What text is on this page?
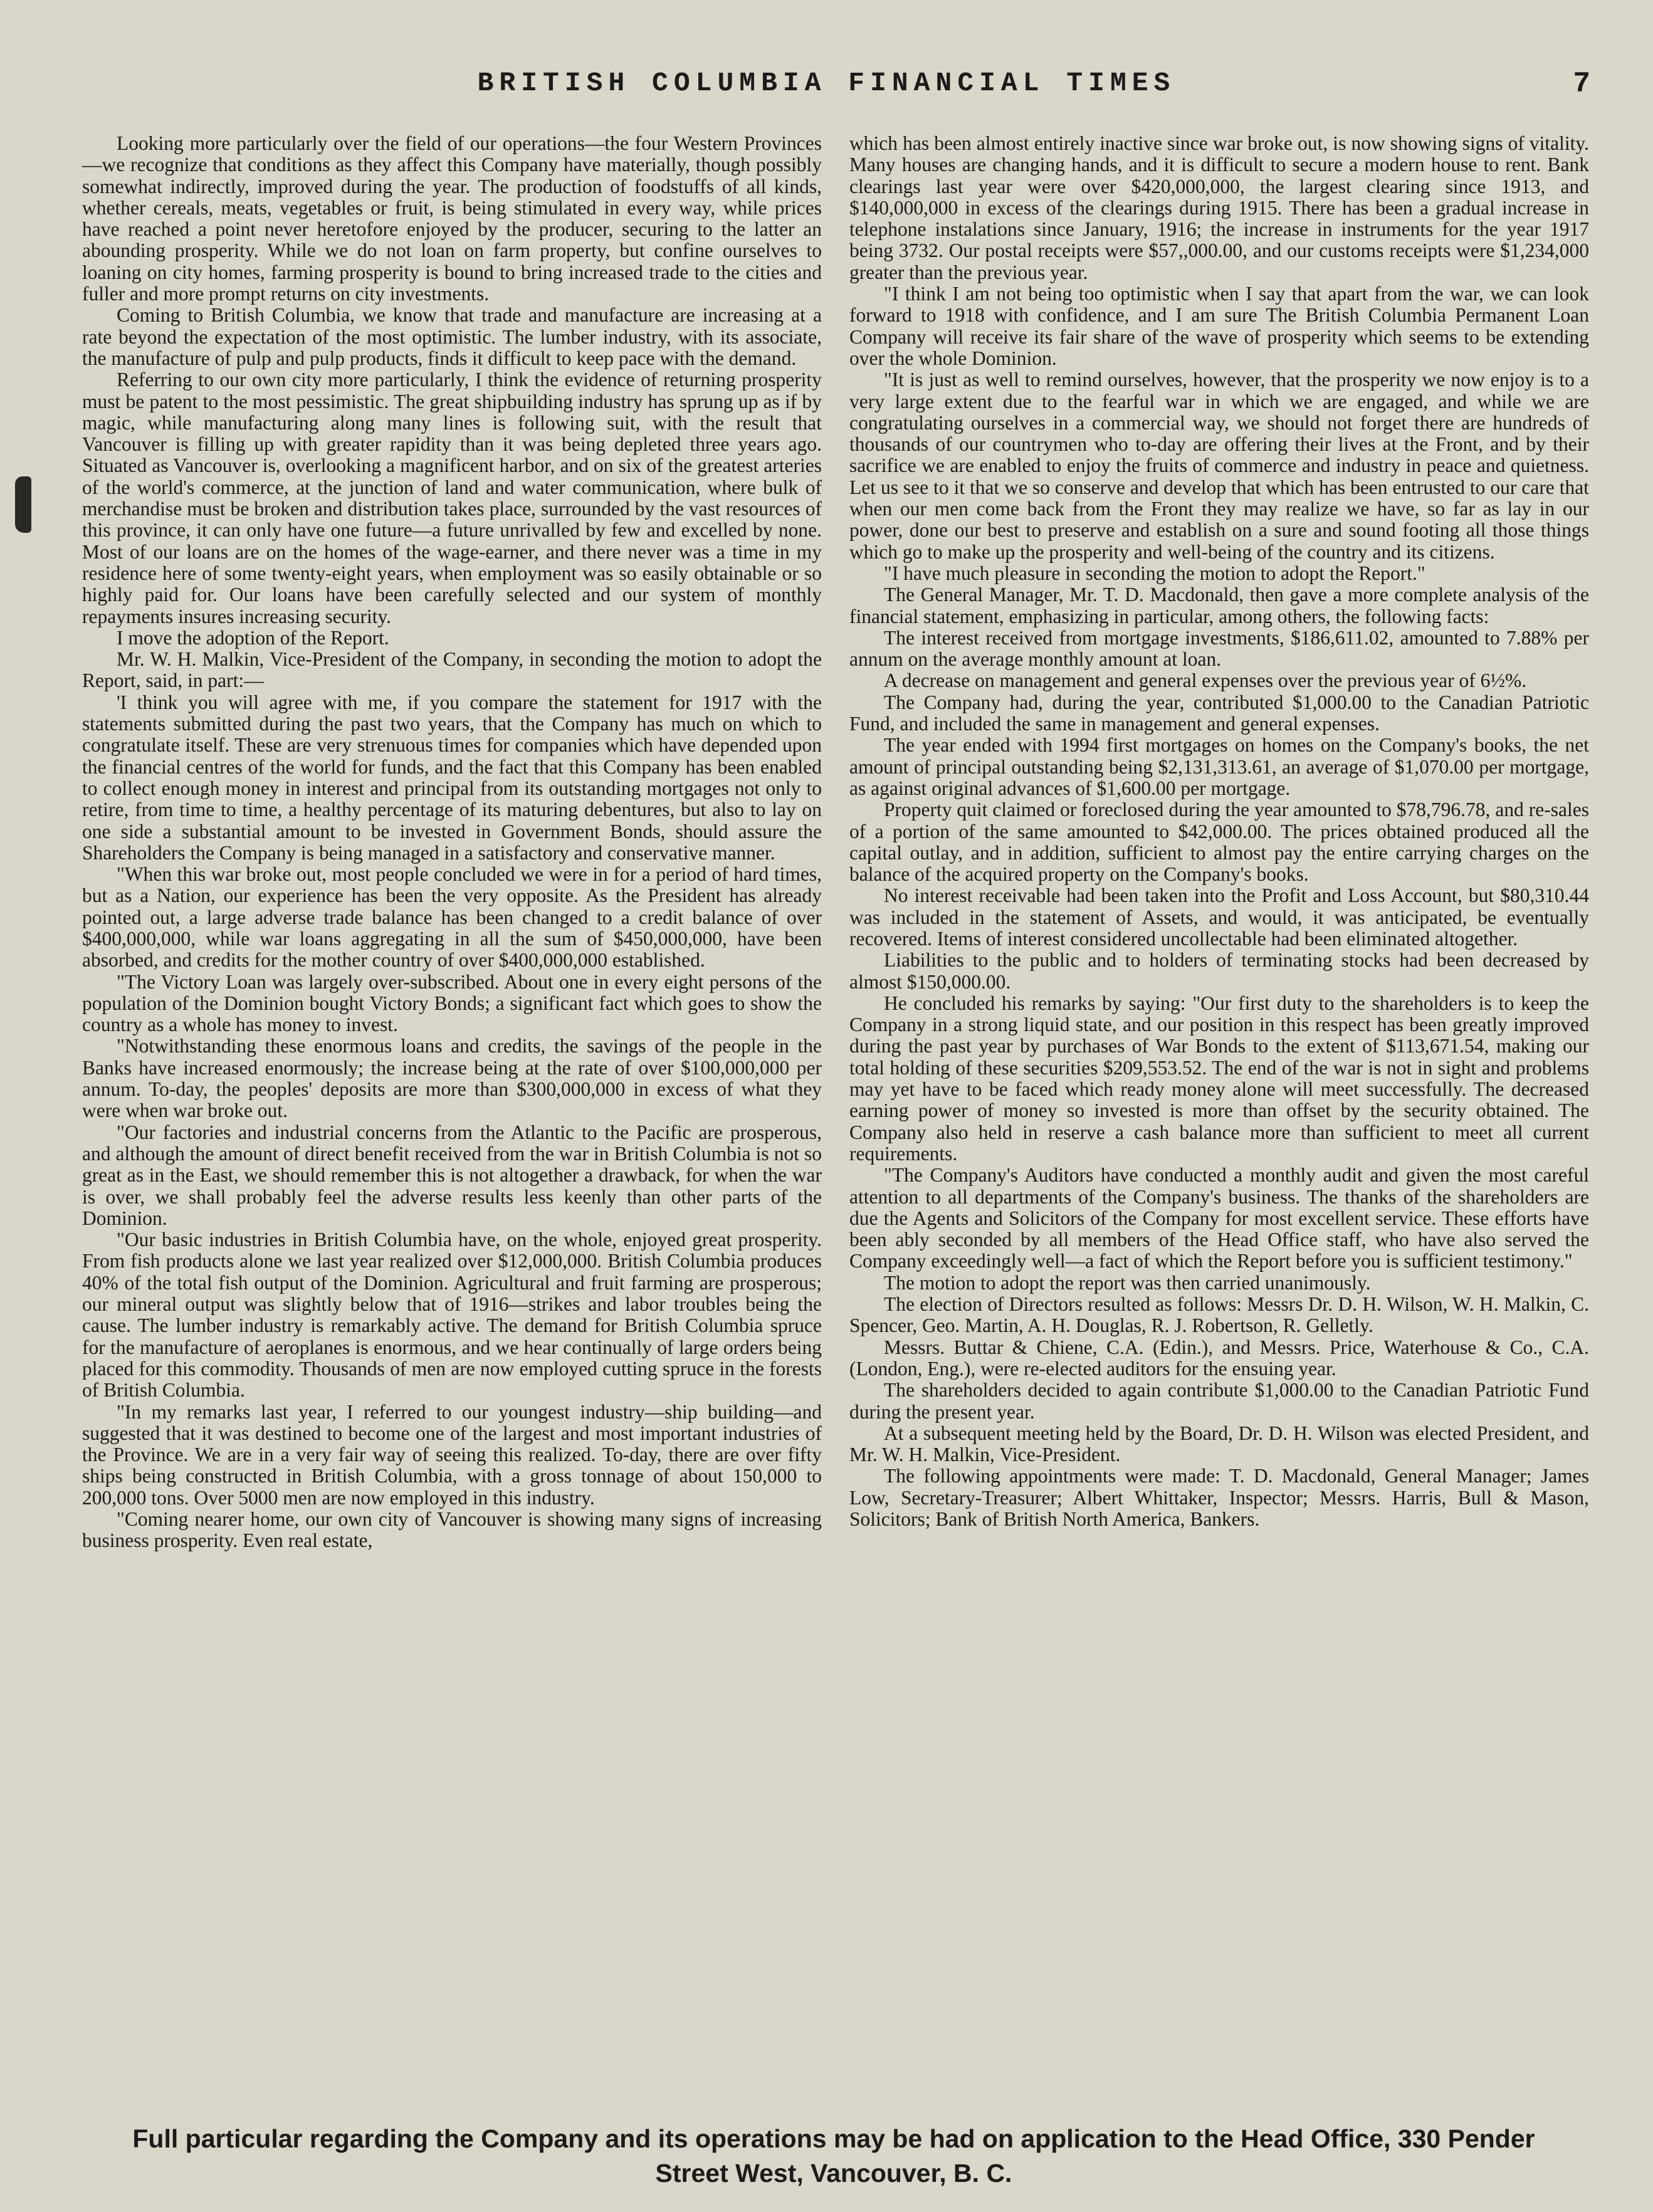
BRITISH COLUMBIA FINANCIAL TIMES	7

Looking more particularly over the field of our operations—the four Western Provinces—we recognize that conditions as they affect this Company have materially, though possibly somewhat indirectly, improved during the year. The production of foodstuffs of all kinds, whether cereals, meats, vegetables or fruit, is being stimulated in every way, while prices have reached a point never heretofore enjoyed by the producer, securing to the latter an abounding prosperity. While we do not loan on farm property, but confine ourselves to loaning on city homes, farming prosperity is bound to bring increased trade to the cities and fuller and more prompt returns on city investments.

Coming to British Columbia, we know that trade and manufacture are increasing at a rate beyond the expectation of the most optimistic. The lumber industry, with its associate, the manufacture of pulp and pulp products, finds it difficult to keep pace with the demand.

Referring to our own city more particularly, I think the evidence of returning prosperity must be patent to the most pessimistic. The great shipbuilding industry has sprung up as if by magic, while manufacturing along many lines is following suit, with the result that Vancouver is filling up with greater rapidity than it was being depleted three years ago. Situated as Vancouver is, overlooking a magnificent harbor, and on six of the greatest arteries of the world's commerce, at the junction of land and water communication, where bulk of merchandise must be broken and distribution takes place, surrounded by the vast resources of this province, it can only have one future—a future unrivalled by few and excelled by none. Most of our loans are on the homes of the wage-earner, and there never was a time in my residence here of some twenty-eight years, when employment was so easily obtainable or so highly paid for. Our loans have been carefully selected and our system of monthly repayments insures increasing security.

I move the adoption of the Report.

Mr. W. H. Malkin, Vice-President of the Company, in seconding the motion to adopt the Report, said, in part:—

'I think you will agree with me, if you compare the statement for 1917 with the statements submitted during the past two years, that the Company has much on which to congratulate itself. These are very strenuous times for companies which have depended upon the financial centres of the world for funds, and the fact that this Company has been enabled to collect enough money in interest and principal from its outstanding mortgages not only to retire, from time to time, a healthy percentage of its maturing debentures, but also to lay on one side a substantial amount to be invested in Government Bonds, should assure the Shareholders the Company is being managed in a satisfactory and conservative manner.

"When this war broke out, most people concluded we were in for a period of hard times, but as a Nation, our experience has been the very opposite. As the President has already pointed out, a large adverse trade balance has been changed to a credit balance of over $400,000,000, while war loans aggregating in all the sum of $450,000,000, have been absorbed, and credits for the mother country of over $400,000,000 established.

"The Victory Loan was largely over-subscribed. About one in every eight persons of the population of the Dominion bought Victory Bonds; a significant fact which goes to show the country as a whole has money to invest.

"Notwithstanding these enormous loans and credits, the savings of the people in the Banks have increased enormously; the increase being at the rate of over $100,000,000 per annum. To-day, the peoples' deposits are more than $300,000,000 in excess of what they were when war broke out.

"Our factories and industrial concerns from the Atlantic to the Pacific are prosperous, and although the amount of direct benefit received from the war in British Columbia is not so great as in the East, we should remember this is not altogether a drawback, for when the war is over, we shall probably feel the adverse results less keenly than other parts of the Dominion.

"Our basic industries in British Columbia have, on the whole, enjoyed great prosperity. From fish products alone we last year realized over $12,000,000. British Columbia produces 40% of the total fish output of the Dominion. Agricultural and fruit farming are prosperous; our mineral output was slightly below that of 1916—strikes and labor troubles being the cause. The lumber industry is remarkably active. The demand for British Columbia spruce for the manufacture of aeroplanes is enormous, and we hear continually of large orders being placed for this commodity. Thousands of men are now employed cutting spruce in the forests of British Columbia.

"In my remarks last year, I referred to our youngest industry—ship building—and suggested that it was destined to become one of the largest and most important industries of the Province. We are in a very fair way of seeing this realized. To-day, there are over fifty ships being constructed in British Columbia, with a gross tonnage of about 150,000 to 200,000 tons. Over 5000 men are now employed in this industry.

"Coming nearer home, our own city of Vancouver is showing many signs of increasing business prosperity. Even real estate,

which has been almost entirely inactive since war broke out, is now showing signs of vitality. Many houses are changing hands, and it is difficult to secure a modern house to rent. Bank clearings last year were over $420,000,000, the largest clearing since 1913, and $140,000,000 in excess of the clearings during 1915. There has been a gradual increase in telephone instalations since January, 1916; the increase in instruments for the year 1917 being 3732. Our postal receipts were $57,,000.00, and our customs receipts were $1,234,000 greater than the previous year.

"I think I am not being too optimistic when I say that apart from the war, we can look forward to 1918 with confidence, and I am sure The British Columbia Permanent Loan Company will receive its fair share of the wave of prosperity which seems to be extending over the whole Dominion.

"It is just as well to remind ourselves, however, that the prosperity we now enjoy is to a very large extent due to the fearful war in which we are engaged, and while we are congratulating ourselves in a commercial way, we should not forget there are hundreds of thousands of our countrymen who to-day are offering their lives at the Front, and by their sacrifice we are enabled to enjoy the fruits of commerce and industry in peace and quietness. Let us see to it that we so conserve and develop that which has been entrusted to our care that when our men come back from the Front they may realize we have, so far as lay in our power, done our best to preserve and establish on a sure and sound footing all those things which go to make up the prosperity and well-being of the country and its citizens.

"I have much pleasure in seconding the motion to adopt the Report."

The General Manager, Mr. T. D. Macdonald, then gave a more complete analysis of the financial statement, emphasizing in particular, among others, the following facts:

The interest received from mortgage investments, $186,611.02, amounted to 7.88% per annum on the average monthly amount at loan.

A decrease on management and general expenses over the previous year of 6½%.

The Company had, during the year, contributed $1,000.00 to the Canadian Patriotic Fund, and included the same in management and general expenses.

The year ended with 1994 first mortgages on homes on the Company's books, the net amount of principal outstanding being $2,131,313.61, an average of $1,070.00 per mortgage, as against original advances of $1,600.00 per mortgage.

Property quit claimed or foreclosed during the year amounted to $78,796.78, and re-sales of a portion of the same amounted to $42,000.00. The prices obtained produced all the capital outlay, and in addition, sufficient to almost pay the entire carrying charges on the balance of the acquired property on the Company's books.

No interest receivable had been taken into the Profit and Loss Account, but $80,310.44 was included in the statement of Assets, and would, it was anticipated, be eventually recovered. Items of interest considered uncollectable had been eliminated altogether.

Liabilities to the public and to holders of terminating stocks had been decreased by almost $150,000.00.

He concluded his remarks by saying: "Our first duty to the shareholders is to keep the Company in a strong liquid state, and our position in this respect has been greatly improved during the past year by purchases of War Bonds to the extent of $113,671.54, making our total holding of these securities $209,553.52. The end of the war is not in sight and problems may yet have to be faced which ready money alone will meet successfully. The decreased earning power of money so invested is more than offset by the security obtained. The Company also held in reserve a cash balance more than sufficient to meet all current requirements.

"The Company's Auditors have conducted a monthly audit and given the most careful attention to all departments of the Company's business. The thanks of the shareholders are due the Agents and Solicitors of the Company for most excellent service. These efforts have been ably seconded by all members of the Head Office staff, who have also served the Company exceedingly well—a fact of which the Report before you is sufficient testimony."

The motion to adopt the report was then carried unanimously.

The election of Directors resulted as follows: Messrs Dr. D. H. Wilson, W. H. Malkin, C. Spencer, Geo. Martin, A. H. Douglas, R. J. Robertson, R. Gelletly.

Messrs. Buttar & Chiene, C.A. (Edin.), and Messrs. Price, Waterhouse & Co., C.A. (London, Eng.), were re-elected auditors for the ensuing year.

The shareholders decided to again contribute $1,000.00 to the Canadian Patriotic Fund during the present year.

At a subsequent meeting held by the Board, Dr. D. H. Wilson was elected President, and Mr. W. H. Malkin, Vice-President.

The following appointments were made: T. D. Macdonald, General Manager; James Low, Secretary-Treasurer; Albert Whittaker, Inspector; Messrs. Harris, Bull & Mason, Solicitors; Bank of British North America, Bankers.

Full particular regarding the Company and its operations may be had on application to the Head Office, 330 Pender
Street West, Vancouver, B. C.
